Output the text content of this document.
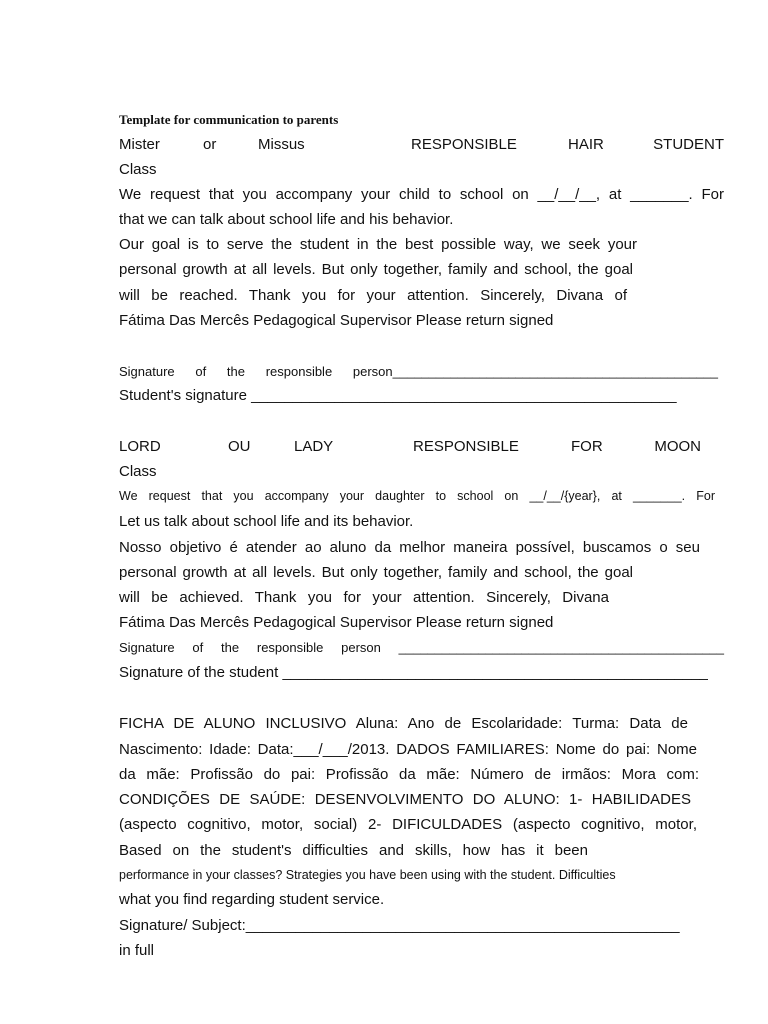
Template for communication to parents
Mister	or	Missus	RESPONSIBLE	HAIR	STUDENT
Class
We request that you accompany your child to school on __/__/__, at _______. For
that we can talk about school life and his behavior.
Our goal is to serve the student in the best possible way, we seek your
personal growth at all levels. But only together, family and school, the goal
will be reached. Thank you for your attention. Sincerely, Divana of
Fátima Das Mercês Pedagogical Supervisor Please return signed
Signature of the responsible person_____________________________________________
Student's signature ___________________________________________________
LORD	OU	LADY	RESPONSIBLE	FOR	MOON
Class
We request that you accompany your daughter to school on __/__/{year}, at _______. For
Let us talk about school life and its behavior.
Nosso objetivo é atender ao aluno da melhor maneira possível, buscamos o seu
personal growth at all levels. But only together, family and school, the goal
will be achieved. Thank you for your attention. Sincerely, Divana
Fátima Das Mercês Pedagogical Supervisor Please return signed
Signature of the responsible person _____________________________________________
Signature of the student ___________________________________________________
FICHA DE ALUNO INCLUSIVO Aluna: Ano de Escolaridade: Turma: Data de
Nascimento: Idade: Data:___/___/2013. DADOS FAMILIARES: Nome do pai: Nome
da mãe: Profissão do pai: Profissão da mãe: Número de irmãos: Mora com:
CONDIÇÕES DE SAÚDE: DESENVOLVIMENTO DO ALUNO: 1- HABILIDADES
(aspecto cognitivo, motor, social) 2- DIFICULDADES (aspecto cognitivo, motor,
Based on the student's difficulties and skills, how has it been
performance in your classes? Strategies you have been using with the student. Difficulties
what you find regarding student service.
Signature/ Subject:____________________________________________________
in full
